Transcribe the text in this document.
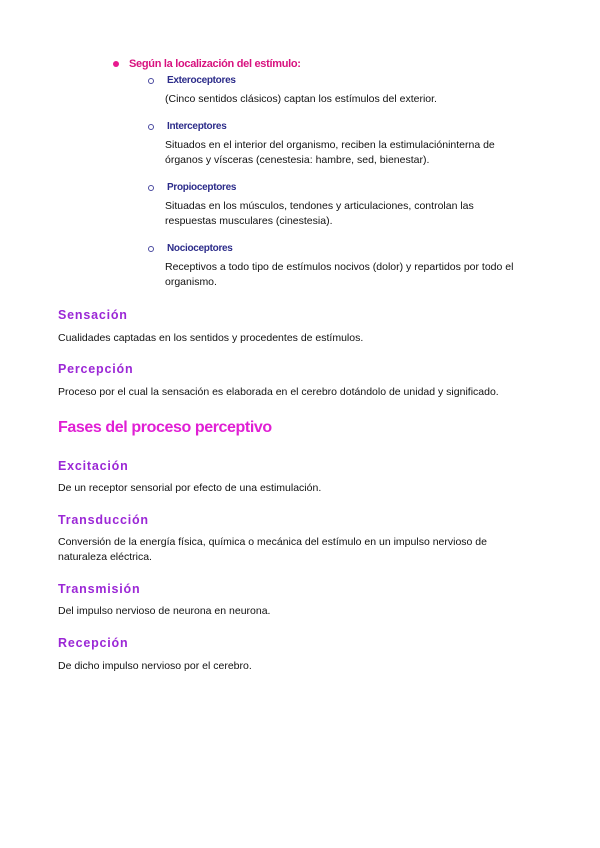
Según la localización del estímulo:
Exteroceptores
(Cinco sentidos clásicos) captan los estímulos del exterior.
Interceptores
Situados en el interior del organismo, reciben la estimulacióninterna de órganos y vísceras (cenestesia: hambre, sed, bienestar).
Propioceptores
Situadas en los músculos, tendones y articulaciones, controlan las respuestas musculares (cinestesia).
Nocioceptores
Receptivos a todo tipo de estímulos nocivos (dolor) y repartidos por todo el organismo.
Sensación
Cualidades captadas en los sentidos y procedentes de estímulos.
Percepción
Proceso por el cual la sensación es elaborada en el cerebro dotándolo de unidad y significado.
Fases del proceso perceptivo
Excitación
De un receptor sensorial por efecto de una estimulación.
Transducción
Conversión de la energía física, química o mecánica del estímulo en un impulso nervioso de naturaleza eléctrica.
Transmisión
Del impulso nervioso de neurona en neurona.
Recepción
De dicho impulso nervioso por el cerebro.
